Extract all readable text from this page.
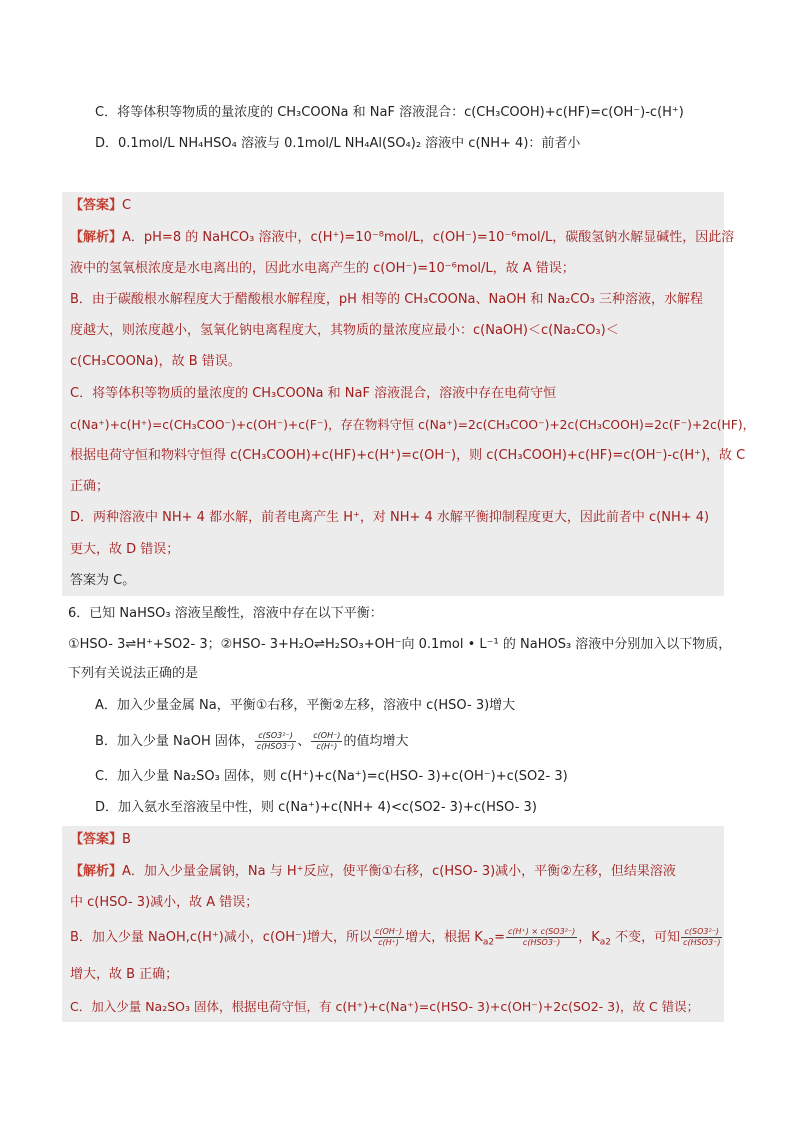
C．将等体积等物质的量浓度的 CH₃COONa 和 NaF 溶液混合：c(CH₃COOH)+c(HF)=c(OH⁻)-c(H⁺)
D．0.1mol/L NH₄HSO₄ 溶液与 0.1mol/L NH₄Al(SO₄)₂ 溶液中 c(NH+ 4)：前者小
【答案】C
【解析】A．pH=8 的 NaHCO₃ 溶液中，c(H⁺)=10⁻⁸mol/L，c(OH⁻)=10⁻⁶mol/L，碳酸氢钠水解显碱性，因此溶
液中的氢氧根浓度是水电离出的，因此水电离产生的 c(OH⁻)=10⁻⁶mol/L，故 A 错误；
B．由于碳酸根水解程度大于醋酸根水解程度，pH 相等的 CH₃COONa、NaOH 和 Na₂CO₃ 三种溶液，水解程
度越大，则浓度越小，氢氧化钠电离程度大，其物质的量浓度应最小：c(NaOH)＜c(Na₂CO₃)＜
c(CH₃COONa)，故 B 错误。
C．将等体积等物质的量浓度的 CH₃COONa 和 NaF 溶液混合，溶液中存在电荷守恒
c(Na⁺)+c(H⁺)=c(CH₃COO⁻)+c(OH⁻)+c(F⁻)，存在物料守恒 c(Na⁺)=2c(CH₃COO⁻)+2c(CH₃COOH)=2c(F⁻)+2c(HF)，
根据电荷守恒和物料守恒得 c(CH₃COOH)+c(HF)+c(H⁺)=c(OH⁻)，则 c(CH₃COOH)+c(HF)=c(OH⁻)-c(H⁺)，故 C
正确；
D．两种溶液中 NH+ 4 都水解，前者电离产生 H⁺，对 NH+ 4 水解平衡抑制程度更大，因此前者中 c(NH+ 4)
更大，故 D 错误；
答案为 C。
6．已知 NaHSO₃ 溶液呈酸性，溶液中存在以下平衡：
①HSO- 3⇌H⁺+SO2- 3；②HSO- 3+H₂O⇌H₂SO₃+OH⁻向 0.1mol • L⁻¹ 的 NaHOS₃ 溶液中分别加入以下物质，
下列有关说法正确的是
A．加入少量金属 Na，平衡①右移，平衡②左移，溶液中 c(HSO- 3)增大
B．加入少量 NaOH 固体， $\frac{\text{c(SO3²⁻)}}{\text{c(HSO3⁻)}}$ 、 $\frac{c(OH^-)}{c(H^+)}$ 的值均增大
C．加入少量 Na₂SO₃ 固体，则 c(H⁺)+c(Na⁺)=c(HSO- 3)+c(OH⁻)+c(SO2- 3)
D．加入氨水至溶液呈中性，则 c(Na⁺)+c(NH+ 4)<c(SO2- 3)+c(HSO- 3)
【答案】B
【解析】A．加入少量金属钠，Na 与 H⁺反应，使平衡①右移，c(HSO- 3)减小，平衡②左移，但结果溶液
中 c(HSO- 3)减小，故 A 错误；
B．加入少量 NaOH,c(H⁺)减小，c(OH⁻)增大，所以 $\frac{c(OH^-)}{c(H^+)}$ 增大，根据 $K_{a2}= \frac{\text{c(H⁺) × c(SO3²⁻)}}{\text{c(HSO3⁻)}}$ ，$K_{a2}$ 不变，可知 $\frac{\text{c(SO3²⁻)}}{\text{c(HSO3⁻)}}$
增大，故 B 正确；
C．加入少量 Na₂SO₃ 固体，根据电荷守恒，有 c(H⁺)+c(Na⁺)=c(HSO- 3)+c(OH⁻)+2c(SO2- 3)，故 C 错误；
